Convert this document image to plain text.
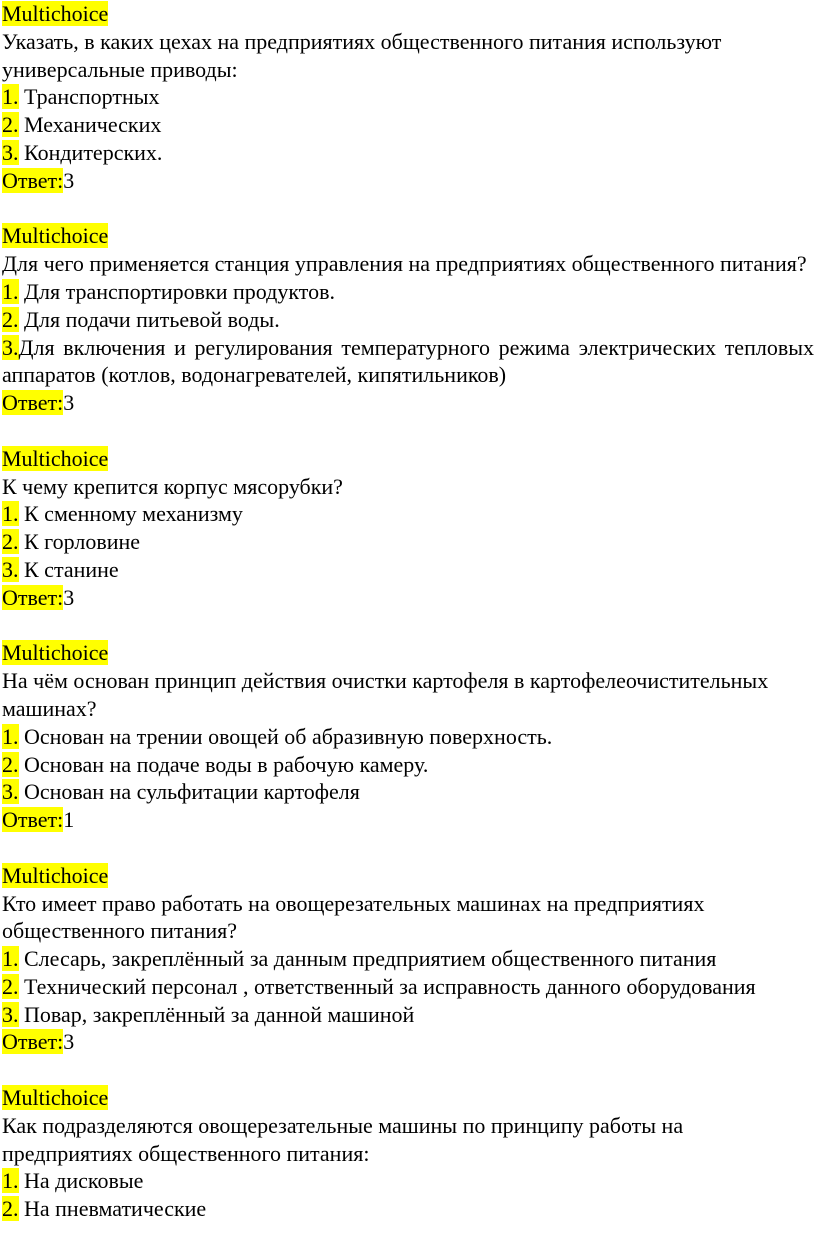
Multichoice

Указать, в каких цехах на предприятиях общественного питания используют универсальные приводы:

1. Транспортных

2. Механических

3. Кондитерских.

Ответ:3

Multichoice

Для чего применяется станция управления на предприятиях общественного питания?

1. Для транспортировки продуктов.

2. Для подачи питьевой воды.

3.Для включения и регулирования температурного режима электрических тепловых аппаратов (котлов, водонагревателей, кипятильников)

Ответ:3

Multichoice

К чему крепится корпус мясорубки?

1. К сменному механизму

2. К горловине

3. К станине

Ответ:3

Multichoice

На чём основан принцип действия очистки картофеля в картофелеочистительных машинах?

1. Основан на трении овощей об абразивную поверхность.

2. Основан на подаче воды в рабочую камеру.

3. Основан на сульфитации картофеля

Ответ:1

Multichoice

Кто имеет право работать на овощерезательных машинах на предприятиях общественного питания?

1. Слесарь, закреплённый за данным предприятием общественного питания

2. Технический персонал , ответственный за исправность данного оборудования

3. Повар, закреплённый за данной машиной

Ответ:3

Multichoice

Как подразделяются овощерезательные машины по принципу работы на предприятиях общественного питания:

1. На дисковые

2. На пневматические
